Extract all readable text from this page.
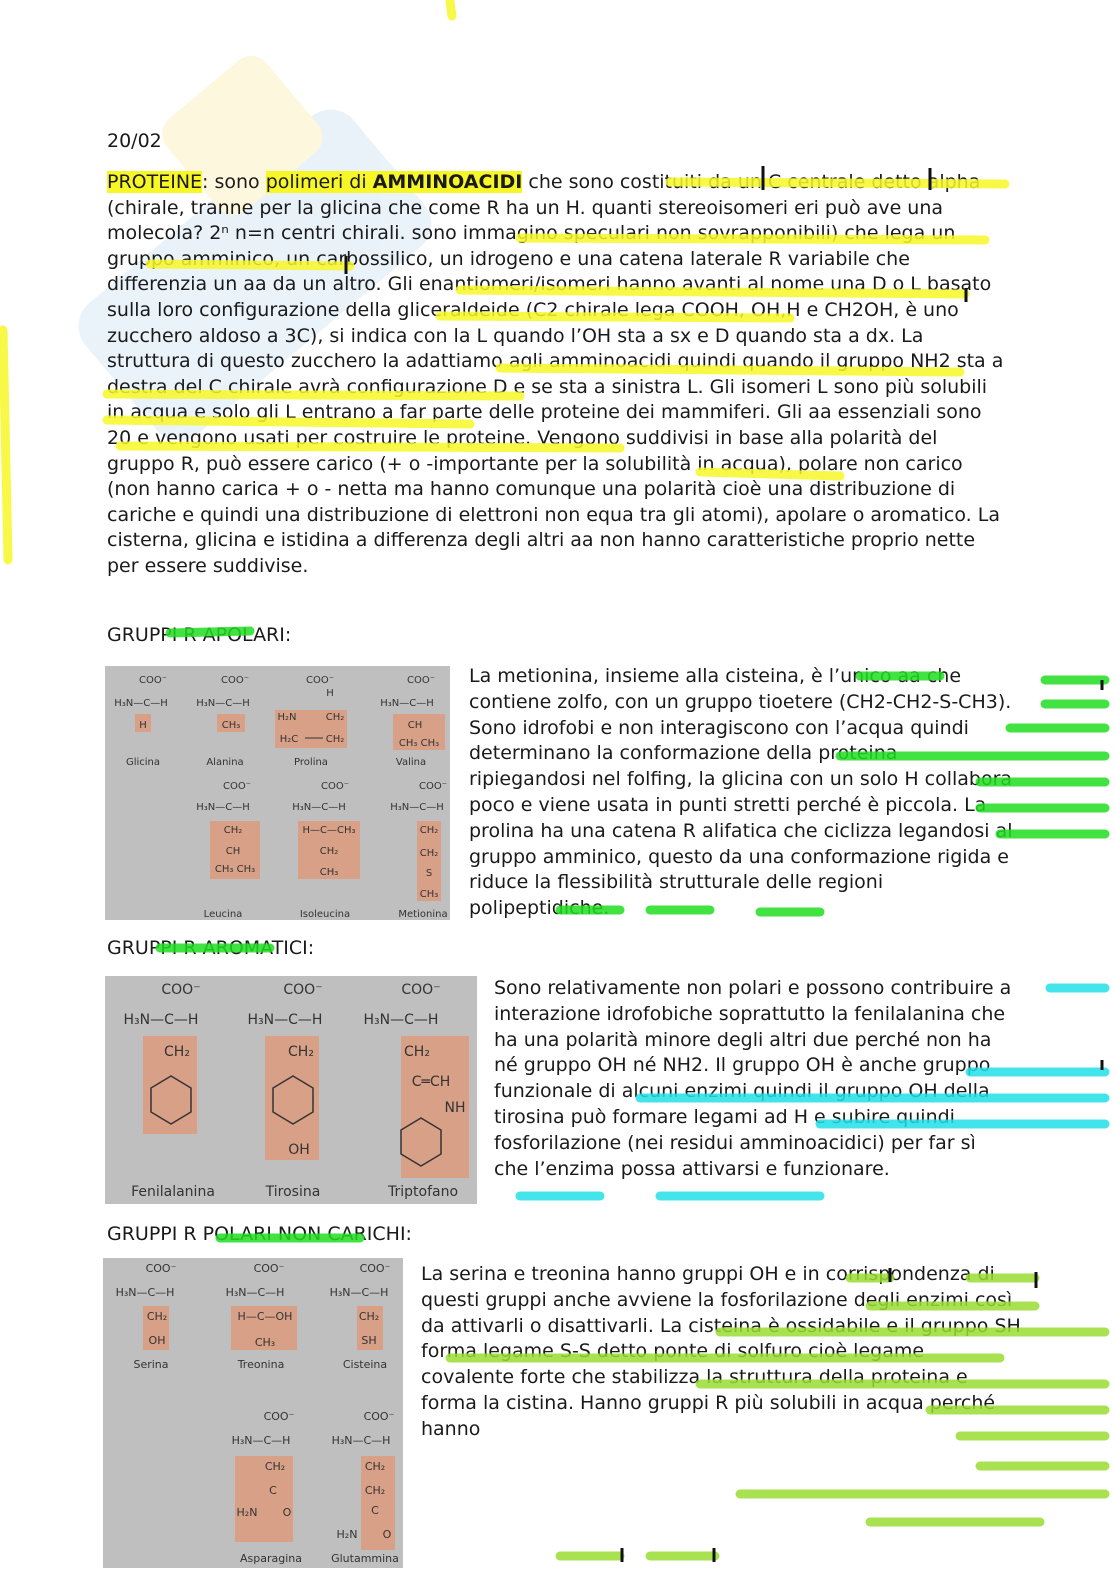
20/02
PROTEINE: sono polimeri di AMMINOACIDI che sono costituiti da un C centrale detto alpha (chirale, tranne per la glicina che come R ha un H. quanti stereoisomeri eri può ave una molecola? 2ⁿ n=n centri chirali. sono immagino speculari non sovrapponibili) che lega un gruppo amminico, un carbossilico, un idrogeno e una catena laterale R variabile che differenzia un aa da un altro. Gli enantiomeri/isomeri hanno avanti al nome una D o L basato sulla loro configurazione della gliceraldeide (C2 chirale lega COOH, OH,H e CH2OH, è uno zucchero aldoso a 3C), si indica con la L quando l’OH sta a sx e D quando sta a dx. La struttura di questo zucchero la adattiamo agli amminoacidi quindi quando il gruppo NH2 sta a destra del C chirale avrà configurazione D e se sta a sinistra L. Gli isomeri L sono più solubili in acqua e solo gli L entrano a far parte delle proteine dei mammiferi. Gli aa essenziali sono 20 e vengono usati per costruire le proteine. Vengono suddivisi in base alla polarità del gruppo R, può essere carico (+ o -importante per la solubilità in acqua), polare non carico (non hanno carica + o - netta ma hanno comunque una polarità cioè una distribuzione di cariche e quindi una distribuzione di elettroni non equa tra gli atomi), apolare o aromatico. La cisterna, glicina e istidina a differenza degli altri aa non hanno caratteristiche proprio nette per essere suddivise.
GRUPPI R APOLARI:
COO⁻
H₃N—C—H
H
Glicina
COO⁻
H₃N—C—H
CH₃
Alanina
COO⁻
H
H₂N	CH₂
H₂C	CH₂
Prolina
COO⁻
H₃N—C—H
CH
CH₃ CH₃
Valina
COO⁻
H₃N—C—H
CH₂
CH
CH₃ CH₃
Leucina
COO⁻
H₃N—C—H
H—C—CH₃
CH₂
CH₃
Isoleucina
COO⁻
H₃N—C—H
CH₂
CH₂
S
CH₃
Metionina
La metionina, insieme alla cisteina, è l’unico aa che contiene zolfo, con un gruppo tioetere (CH2-CH2-S-CH3). Sono idrofobi e non interagiscono con l’acqua quindi determinano la conformazione della proteina ripiegandosi nel folfing, la glicina con un solo H collabora poco e viene usata in punti stretti perché è piccola. La prolina ha una catena R alifatica che ciclizza legandosi al gruppo amminico, questo da una conformazione rigida e riduce la flessibilità strutturale delle regioni polipeptidiche.
GRUPPI R AROMATICI:
COO⁻
H₃N—C—H
CH₂
Fenilalanina
COO⁻
H₃N—C—H
CH₂
OH
Tirosina
COO⁻
H₃N—C—H
CH₂
C═CH
NH
Triptofano
Sono relativamente non polari e possono contribuire a interazione idrofobiche soprattutto la fenilalanina che ha una polarità minore degli altri due perché non ha né gruppo OH né NH2. Il gruppo OH è anche gruppo funzionale di alcuni enzimi quindi il gruppo OH della tirosina può formare legami ad H e subire quindi fosforilazione (nei residui amminoacidici) per far sì che l’enzima possa attivarsi e funzionare.
GRUPPI R POLARI NON CARICHI:
COO⁻
H₃N—C—H
CH₂
OH
Serina
COO⁻
H₃N—C—H
H—C—OH
CH₃
Treonina
COO⁻
H₃N—C—H
CH₂
SH
Cisteina
COO⁻
H₃N—C—H
CH₂
C
H₂N O
Asparagina
COO⁻
H₃N—C—H
CH₂
CH₂
C
H₂N O
Glutammina
La serina e treonina hanno gruppi OH e in corrispondenza di questi gruppi anche avviene la fosforilazione degli enzimi così da attivarli o disattivarli. La cisteina è ossidabile e il gruppo SH forma legame S-S detto ponte di solfuro cioè legame covalente forte che stabilizza la struttura della proteina e forma la cistina. Hanno gruppi R più solubili in acqua perché hanno
